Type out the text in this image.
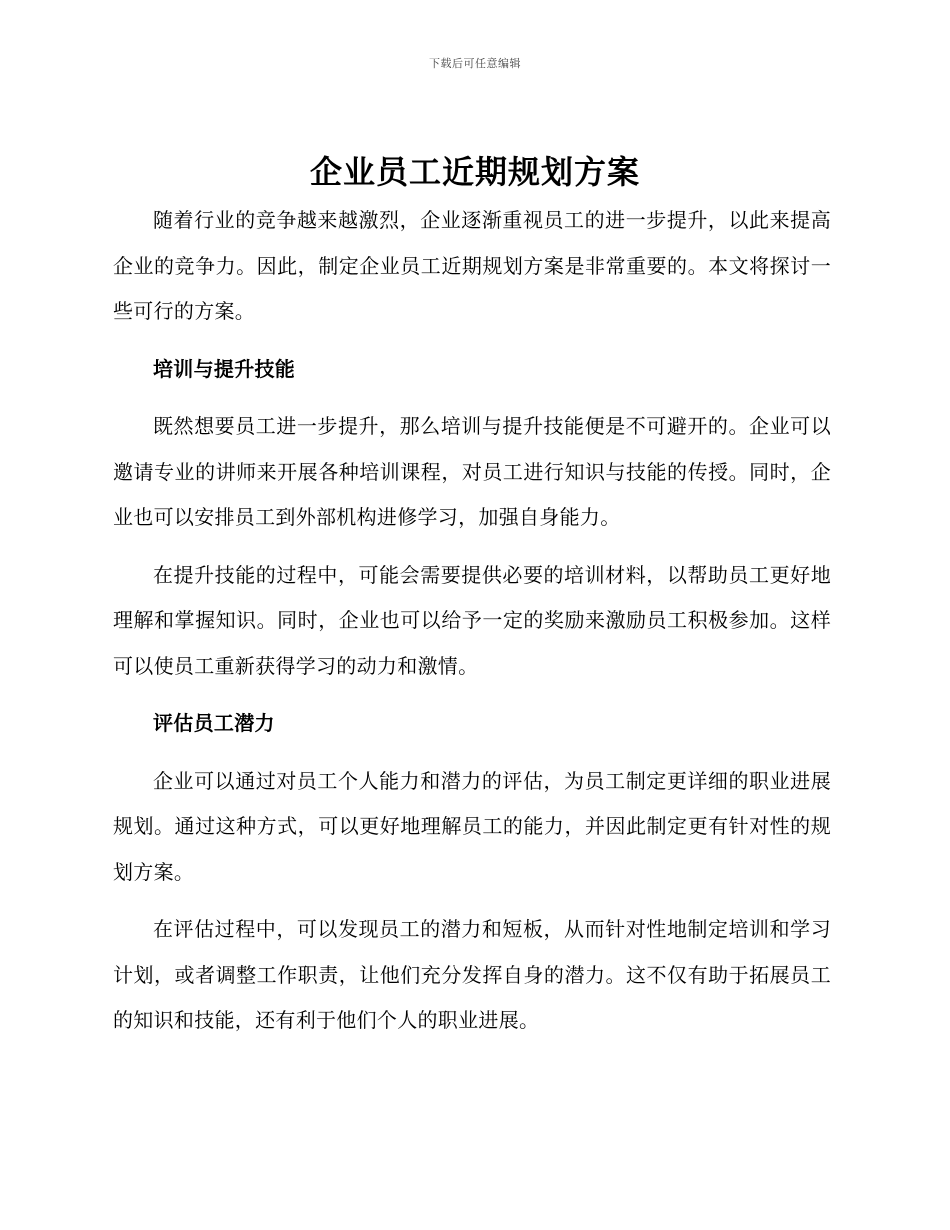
下载后可任意编辑
企业员工近期规划方案

随着行业的竞争越来越激烈，企业逐渐重视员工的进一步提升，以此来提高企业的竞争力。因此，制定企业员工近期规划方案是非常重要的。本文将探讨一些可行的方案。

培训与提升技能

既然想要员工进一步提升，那么培训与提升技能便是不可避开的。企业可以邀请专业的讲师来开展各种培训课程，对员工进行知识与技能的传授。同时，企业也可以安排员工到外部机构进修学习，加强自身能力。

在提升技能的过程中，可能会需要提供必要的培训材料，以帮助员工更好地理解和掌握知识。同时，企业也可以给予一定的奖励来激励员工积极参加。这样可以使员工重新获得学习的动力和激情。

评估员工潜力

企业可以通过对员工个人能力和潜力的评估，为员工制定更详细的职业进展规划。通过这种方式，可以更好地理解员工的能力，并因此制定更有针对性的规划方案。

在评估过程中，可以发现员工的潜力和短板，从而针对性地制定培训和学习计划，或者调整工作职责，让他们充分发挥自身的潜力。这不仅有助于拓展员工的知识和技能，还有利于他们个人的职业进展。
